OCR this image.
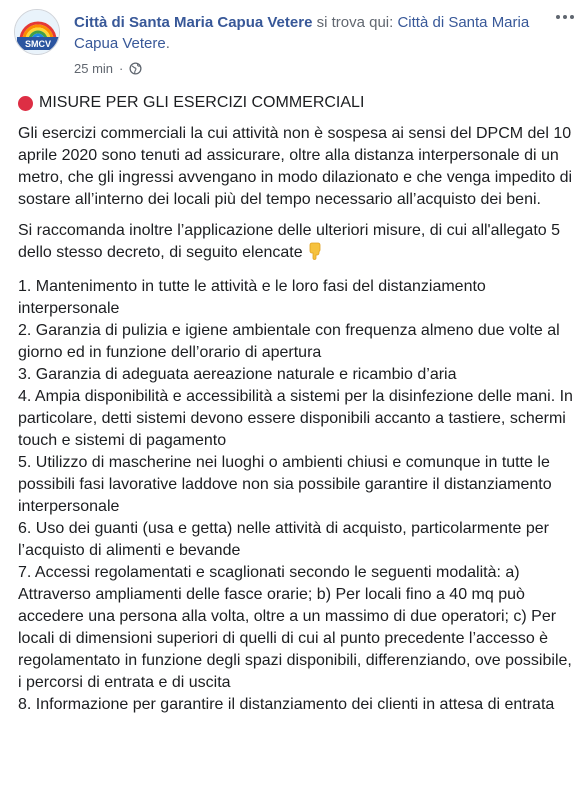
SMCV
Città di Santa Maria Capua Vetere si trova qui: Città di Santa Maria Capua Vetere.
25 min ·
MISURE PER GLI ESERCIZI COMMERCIALI

Gli esercizi commerciali la cui attività non è sospesa ai sensi del DPCM del 10 aprile 2020 sono tenuti ad assicurare, oltre alla distanza interpersonale di un metro, che gli ingressi avvengano in modo dilazionato e che venga impedito di sostare all’interno dei locali più del tempo necessario all’acquisto dei beni.

Si raccomanda inoltre l’applicazione delle ulteriori misure, di cui all'allegato 5 dello stesso decreto, di seguito elencate

1. Mantenimento in tutte le attività e le loro fasi del distanziamento interpersonale
2. Garanzia di pulizia e igiene ambientale con frequenza almeno due volte al giorno ed in funzione dell’orario di apertura
3. Garanzia di adeguata aereazione naturale e ricambio d’aria
4. Ampia disponibilità e accessibilità a sistemi per la disinfezione delle mani. In particolare, detti sistemi devono essere disponibili accanto a tastiere, schermi touch e sistemi di pagamento
5. Utilizzo di mascherine nei luoghi o ambienti chiusi e comunque in tutte le possibili fasi lavorative laddove non sia possibile garantire il distanziamento interpersonale
6. Uso dei guanti (usa e getta) nelle attività di acquisto, particolarmente per l’acquisto di alimenti e bevande
7. Accessi regolamentati e scaglionati secondo le seguenti modalità: a) Attraverso ampliamenti delle fasce orarie; b) Per locali fino a 40 mq può accedere una persona alla volta, oltre a un massimo di due operatori; c) Per locali di dimensioni superiori di quelli di cui al punto precedente l’accesso è regolamentato in funzione degli spazi disponibili, differenziando, ove possibile, i percorsi di entrata e di uscita
8. Informazione per garantire il distanziamento dei clienti in attesa di entrata
